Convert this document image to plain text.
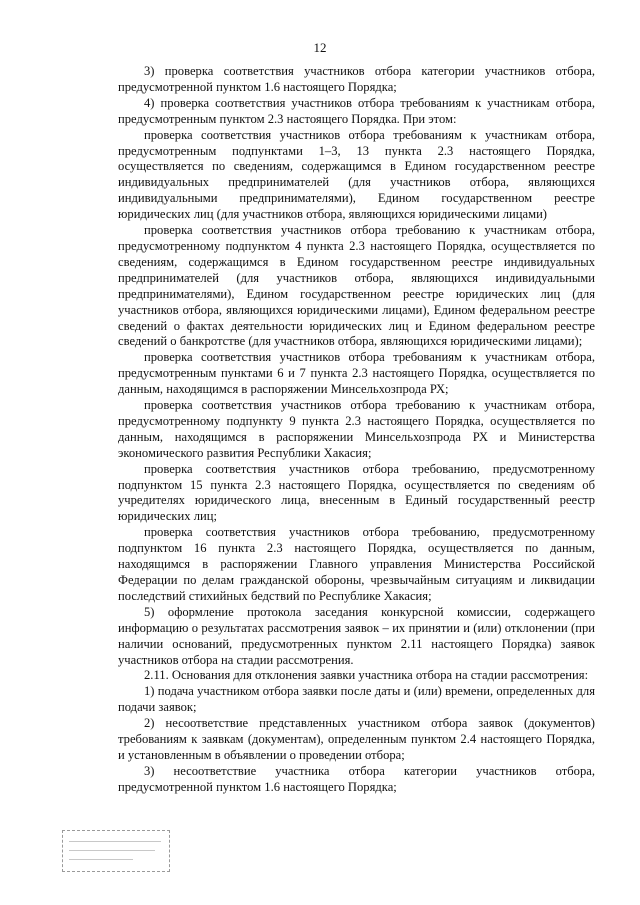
12

3) проверка соответствия участников отбора категории участников отбора, предусмотренной пунктом 1.6 настоящего Порядка;

4) проверка соответствия участников отбора требованиям к участникам отбора, предусмотренным пунктом 2.3 настоящего Порядка. При этом:

проверка соответствия участников отбора требованиям к участникам отбора, предусмотренным подпунктами 1–3, 13 пункта 2.3 настоящего Порядка, осуществляется по сведениям, содержащимся в Едином государственном реестре индивидуальных предпринимателей (для участников отбора, являющихся индивидуальными предпринимателями), Едином государственном реестре юридических лиц (для участников отбора, являющихся юридическими лицами)

проверка соответствия участников отбора требованию к участникам отбора, предусмотренному подпунктом 4 пункта 2.3 настоящего Порядка, осуществляется по сведениям, содержащимся в Едином государственном реестре индивидуальных предпринимателей (для участников отбора, являющихся индивидуальными предпринимателями), Едином государственном реестре юридических лиц (для участников отбора, являющихся юридическими лицами), Едином федеральном реестре сведений о фактах деятельности юридических лиц и Едином федеральном реестре сведений о банкротстве (для участников отбора, являющихся юридическими лицами);

проверка соответствия участников отбора требованиям к участникам отбора, предусмотренным пунктами 6 и 7 пункта 2.3 настоящего Порядка, осуществляется по данным, находящимся в распоряжении Минсельхозпрода РХ;

проверка соответствия участников отбора требованию к участникам отбора, предусмотренному подпункту 9 пункта 2.3 настоящего Порядка, осуществляется по данным, находящимся в распоряжении Минсельхозпрода РХ и Министерства экономического развития Республики Хакасия;

проверка соответствия участников отбора требованию, предусмотренному подпунктом 15 пункта 2.3 настоящего Порядка, осуществляется по сведениям об учредителях юридического лица, внесенным в Единый государственный реестр юридических лиц;

проверка соответствия участников отбора требованию, предусмотренному подпунктом 16 пункта 2.3 настоящего Порядка, осуществляется по данным, находящимся в распоряжении Главного управления Министерства Российской Федерации по делам гражданской обороны, чрезвычайным ситуациям и ликвидации последствий стихийных бедствий по Республике Хакасия;

5) оформление протокола заседания конкурсной комиссии, содержащего информацию о результатах рассмотрения заявок – их принятии и (или) отклонении (при наличии оснований, предусмотренных пунктом 2.11 настоящего Порядка) заявок участников отбора на стадии рассмотрения.

2.11. Основания для отклонения заявки участника отбора на стадии рассмотрения:

1) подача участником отбора заявки после даты и (или) времени, определенных для подачи заявок;

2) несоответствие представленных участником отбора заявок (документов) требованиям к заявкам (документам), определенным пунктом 2.4 настоящего Порядка, и установленным в объявлении о проведении отбора;

3) несоответствие участника отбора категории участников отбора, предусмотренной пунктом 1.6 настоящего Порядка;
